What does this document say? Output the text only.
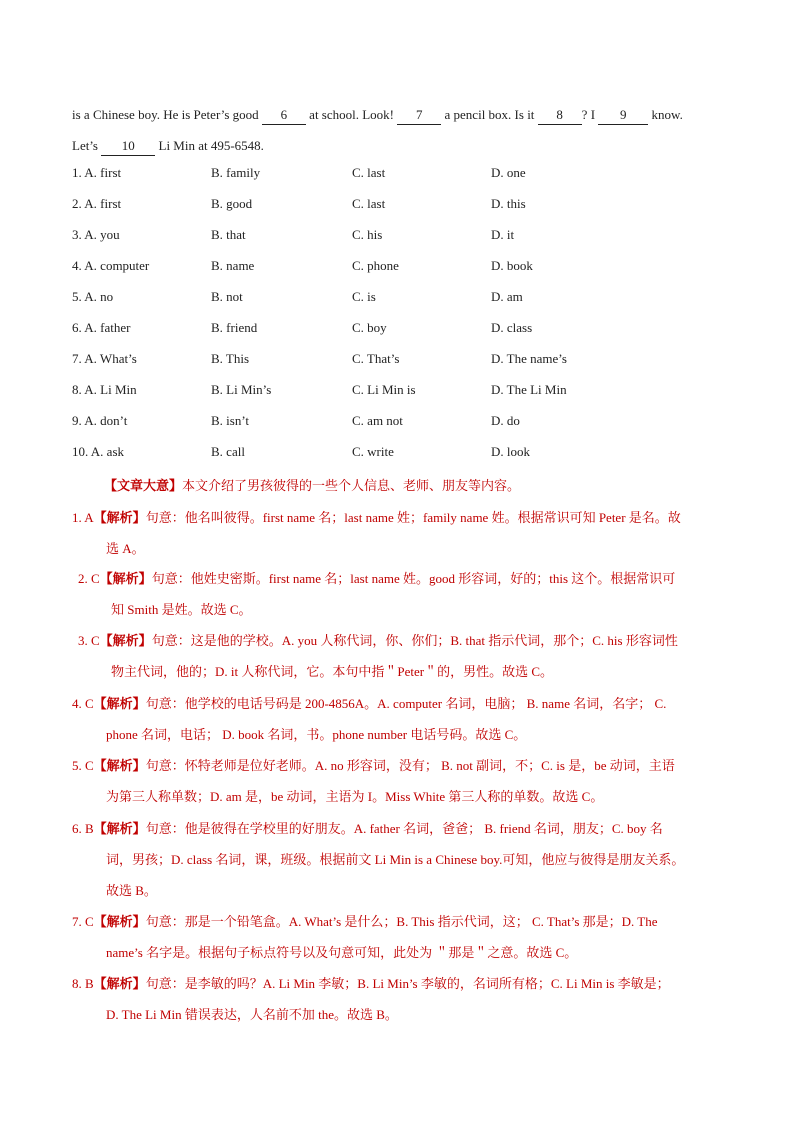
is a Chinese boy. He is Peter’s good 6 at school. Look! 7 a pencil box. Is it 8 ? I 9 know.
Let’s 10 Li Min at 495-6548.
1. A. first	B. family	C. last	D. one
2. A. first	B. good	C. last	D. this
3. A. you	B. that	C. his	D. it
4. A. computer	B. name	C. phone	D. book
5. A. no	B. not	C. is	D. am
6. A. father	B. friend	C. boy	D. class
7. A. What’s	B. This	C. That’s	D. The name’s
8. A. Li Min	B. Li Min’s	C. Li Min is	D. The Li Min
9. A. don’t	B. isn’t	C. am not	D. do
10. A. ask	B. call	C. write	D. look
【文章大意】本文介绍了男孩彼得的一些个人信息、老师、朋友等内容。
1. A【解析】句意：他名叫彼得。first name 名；last name 姓；family name 姓。根据常识可知 Peter 是名。故
选 A。
2. C【解析】句意：他姓史密斯。first name 名；last name 姓。good 形容词，好的；this 这个。根据常识可
知 Smith 是姓。故选 C。
3. C【解析】句意：这是他的学校。A. you 人称代词，你、你们；B. that 指示代词，那个；C. his 形容词性
物主代词，他的；D. it 人称代词，它。本句中指＂Peter＂的，男性。故选 C。
4. C【解析】句意：他学校的电话号码是 200-4856A。A. computer 名词，电脑； B. name 名词，名字； C.
phone 名词，电话； D. book 名词，书。phone number 电话号码。故选 C。
5. C【解析】句意：怀特老师是位好老师。A. no 形容词，没有； B. not 副词，不；C. is 是，be 动词，主语
为第三人称单数；D. am 是，be 动词，主语为 I。Miss White 第三人称的单数。故选 C。
6. B【解析】句意：他是彼得在学校里的好朋友。A. father 名词，爸爸； B. friend 名词，朋友；C. boy 名
词，男孩；D. class 名词，课，班级。根据前文 Li Min is a Chinese boy.可知，他应与彼得是朋友关系。
故选 B。
7. C【解析】句意：那是一个铅笔盒。A. What’s 是什么；B. This 指示代词，这； C. That’s 那是；D. The
name’s 名字是。根据句子标点符号以及句意可知，此处为 ＂那是＂之意。故选 C。
8. B【解析】句意：是李敏的吗？A. Li Min 李敏；B. Li Min’s 李敏的，名词所有格；C. Li Min is 李敏是；
D. The Li Min 错误表达，人名前不加 the。故选 B。
